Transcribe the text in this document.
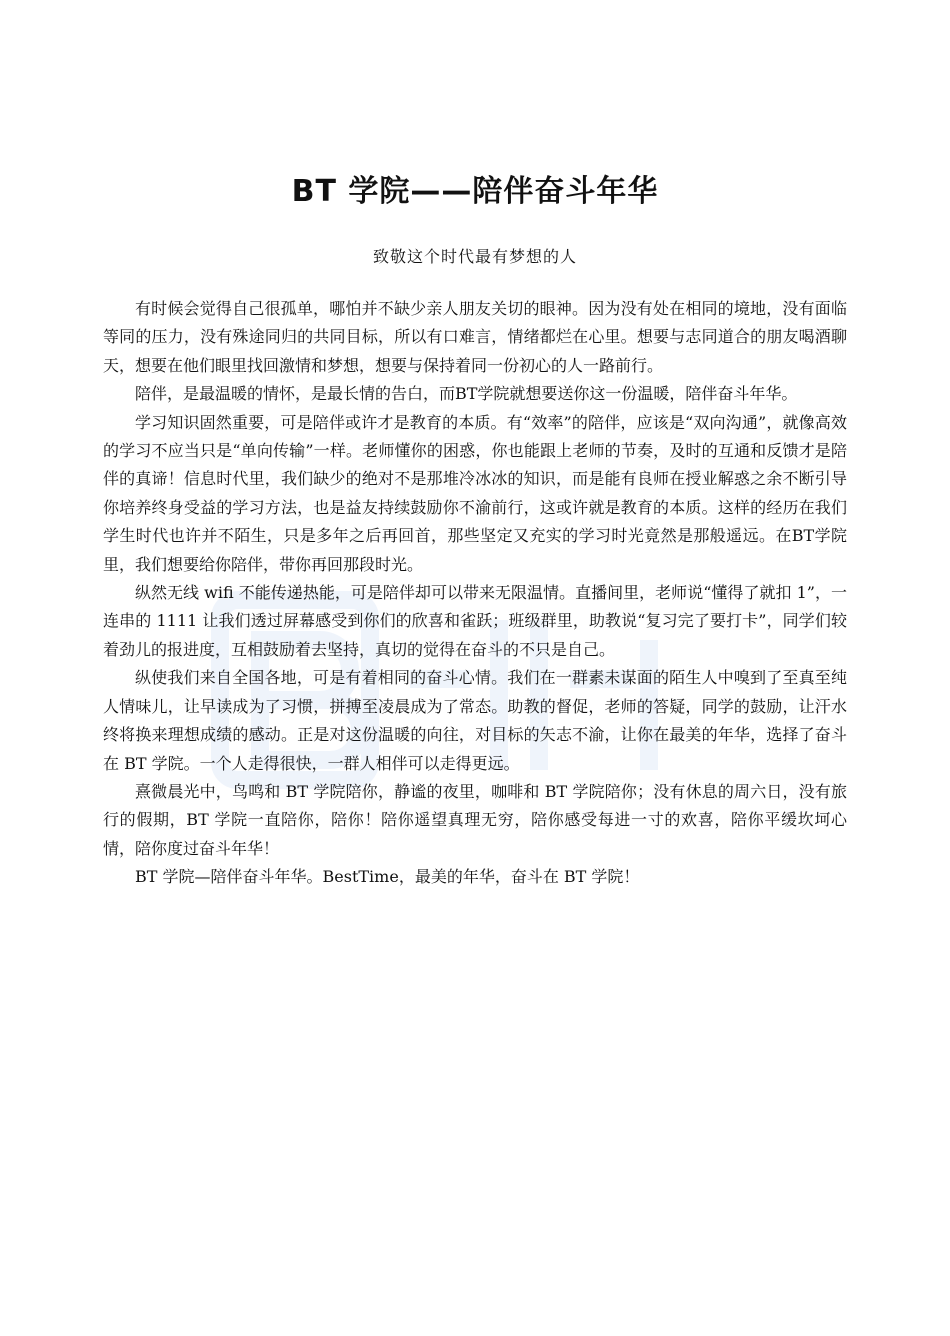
BT 学院——陪伴奋斗年华
致敬这个时代最有梦想的人

有时候会觉得自己很孤单，哪怕并不缺少亲人朋友关切的眼神。因为没有处在相同的境地，没有面临等同的压力，没有殊途同归的共同目标，所以有口难言，情绪都烂在心里。想要与志同道合的朋友喝酒聊天，想要在他们眼里找回激情和梦想，想要与保持着同一份初心的人一路前行。

陪伴，是最温暖的情怀，是最长情的告白，而BT学院就想要送你这一份温暖，陪伴奋斗年华。

学习知识固然重要，可是陪伴或许才是教育的本质。有“效率”的陪伴，应该是“双向沟通”，就像高效的学习不应当只是“单向传输”一样。老师懂你的困惑，你也能跟上老师的节奏，及时的互通和反馈才是陪伴的真谛！信息时代里，我们缺少的绝对不是那堆冷冰冰的知识，而是能有良师在授业解惑之余不断引导你培养终身受益的学习方法，也是益友持续鼓励你不渝前行，这或许就是教育的本质。这样的经历在我们学生时代也许并不陌生，只是多年之后再回首，那些坚定又充实的学习时光竟然是那般遥远。在BT学院里，我们想要给你陪伴，带你再回那段时光。

纵然无线 wifi 不能传递热能，可是陪伴却可以带来无限温情。直播间里，老师说“懂得了就扣 1”，一连串的 1111 让我们透过屏幕感受到你们的欣喜和雀跃；班级群里，助教说“复习完了要打卡”，同学们较着劲儿的报进度，互相鼓励着去坚持，真切的觉得在奋斗的不只是自己。

纵使我们来自全国各地，可是有着相同的奋斗心情。我们在一群素未谋面的陌生人中嗅到了至真至纯人情味儿，让早读成为了习惯，拼搏至凌晨成为了常态。助教的督促，老师的答疑，同学的鼓励，让汗水终将换来理想成绩的感动。正是对这份温暖的向往，对目标的矢志不渝，让你在最美的年华，选择了奋斗在 BT 学院。一个人走得很快，一群人相伴可以走得更远。

熹微晨光中，鸟鸣和 BT 学院陪你，静谧的夜里，咖啡和 BT 学院陪你；没有休息的周六日，没有旅行的假期，BT 学院一直陪你，陪你！陪你遥望真理无穷，陪你感受每进一寸的欢喜，陪你平缓坎坷心情，陪你度过奋斗年华！

BT 学院—陪伴奋斗年华。BestTime，最美的年华，奋斗在 BT 学院！
